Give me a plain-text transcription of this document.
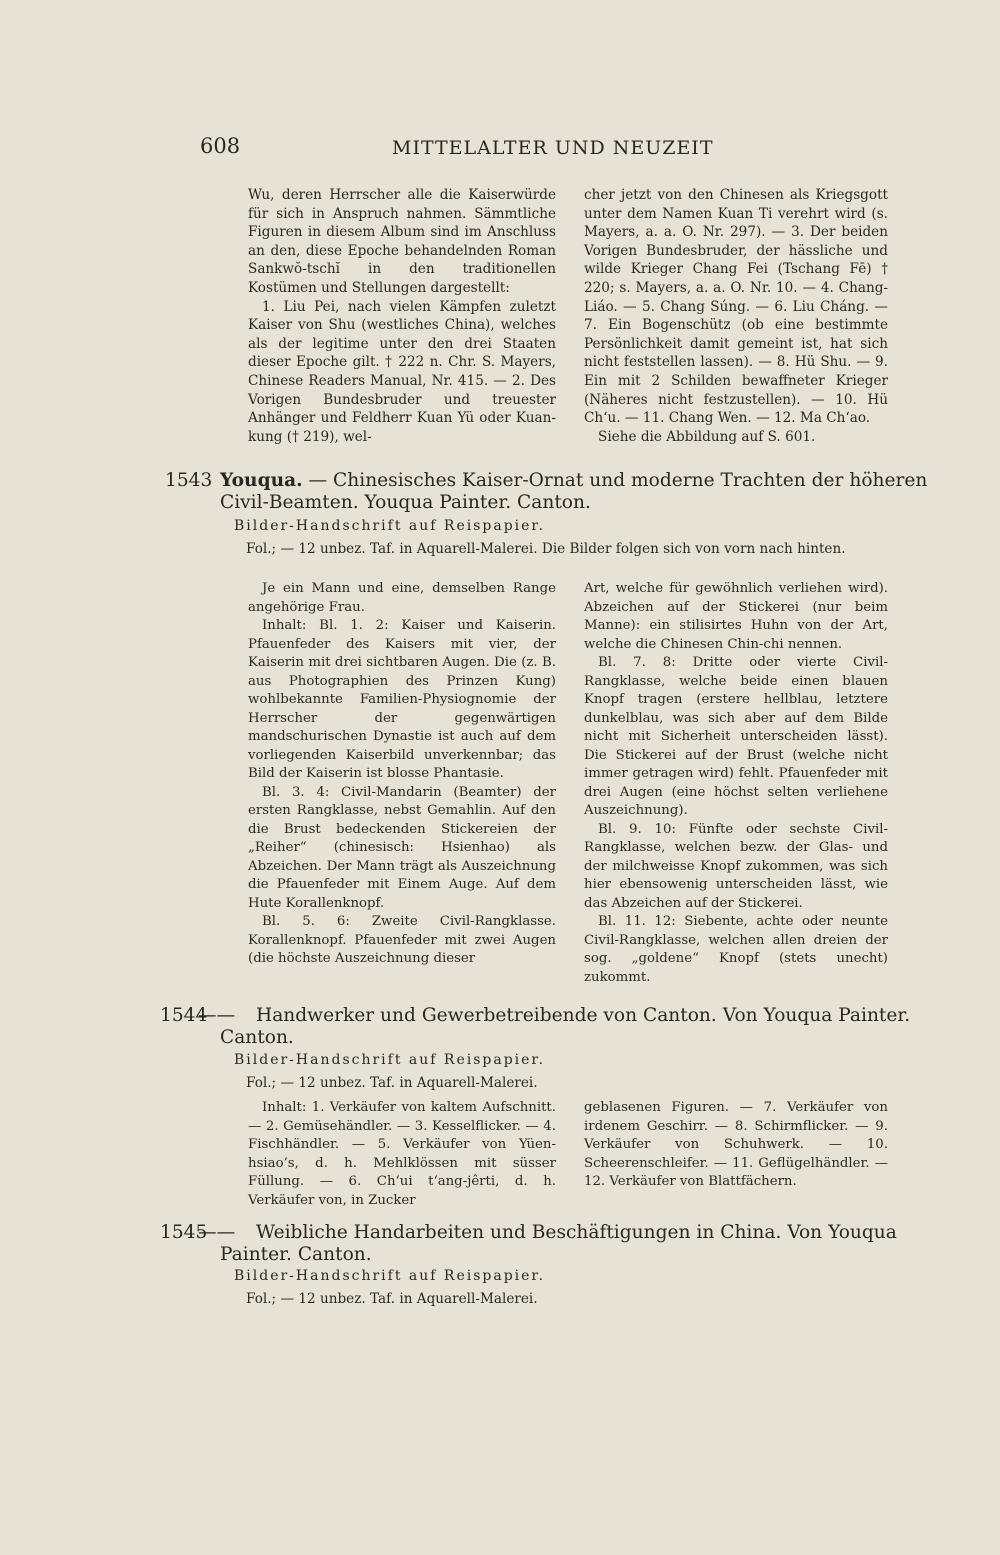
608	MITTELALTER UND NEUZEIT

Wu, deren Herrscher alle die Kaiserwürde für sich in Anspruch nahmen. Sämmtliche Figuren in diesem Album sind im Anschluss an den, diese Epoche behandelnden Roman Sankwŏ-tschĭ in den traditionellen Kostümen und Stellungen dargestellt:

1. Liu Pei, nach vielen Kämpfen zuletzt Kaiser von Shu (westliches China), welches als der legitime unter den drei Staaten dieser Epoche gilt. † 222 n. Chr. S. Mayers, Chinese Readers Manual, Nr. 415. — 2. Des Vorigen Bundesbruder und treuester Anhänger und Feldherr Kuan Yü oder Kuan-kung († 219), wel-

cher jetzt von den Chinesen als Kriegsgott unter dem Namen Kuan Ti verehrt wird (s. Mayers, a. a. O. Nr. 297). — 3. Der beiden Vorigen Bundesbruder, der hässliche und wilde Krieger Chang Fei (Tschang Fē) † 220; s. Mayers, a. a. O. Nr. 10. — 4. Chang-Liáo. — 5. Chang Súng. — 6. Liu Cháng. — 7. Ein Bogenschütz (ob eine bestimmte Persönlichkeit damit gemeint ist, hat sich nicht feststellen lassen). — 8. Hü Shu. — 9. Ein mit 2 Schilden bewaffneter Krieger (Näheres nicht festzustellen). — 10. Hü Ch‘u. — 11. Chang Wen. — 12. Ma Ch‘ao.

Siehe die Abbildung auf S. 601.

1543 Youqua. — Chinesisches Kaiser-Ornat und moderne Trachten der höheren
Civil-Beamten. Youqua Painter. Canton.
Bilder-Handschrift auf Reispapier.

Fol.; — 12 unbez. Taf. in Aquarell-Malerei. Die Bilder folgen sich von vorn nach hinten.

Je ein Mann und eine, demselben Range angehörige Frau.

Inhalt: Bl. 1. 2: Kaiser und Kaiserin. Pfauenfeder des Kaisers mit vier, der Kaiserin mit drei sichtbaren Augen. Die (z. B. aus Photographien des Prinzen Kung) wohlbekannte Familien-Physiognomie der Herrscher der gegenwärtigen mandschurischen Dynastie ist auch auf dem vorliegenden Kaiserbild unverkennbar; das Bild der Kaiserin ist blosse Phantasie.

Bl. 3. 4: Civil-Mandarin (Beamter) der ersten Rangklasse, nebst Gemahlin. Auf den die Brust bedeckenden Stickereien der „Reiher“ (chinesisch: Hsienhao) als Abzeichen. Der Mann trägt als Auszeichnung die Pfauenfeder mit Einem Auge. Auf dem Hute Korallenknopf.

Bl. 5. 6: Zweite Civil-Rangklasse. Korallenknopf. Pfauenfeder mit zwei Augen (die höchste Auszeichnung dieser

Art, welche für gewöhnlich verliehen wird). Abzeichen auf der Stickerei (nur beim Manne): ein stilisirtes Huhn von der Art, welche die Chinesen Chin-chi nennen.

Bl. 7. 8: Dritte oder vierte Civil-Rangklasse, welche beide einen blauen Knopf tragen (erstere hellblau, letztere dunkelblau, was sich aber auf dem Bilde nicht mit Sicherheit unterscheiden lässt). Die Stickerei auf der Brust (welche nicht immer getragen wird) fehlt. Pfauenfeder mit drei Augen (eine höchst selten verliehene Auszeichnung).

Bl. 9. 10: Fünfte oder sechste Civil-Rangklasse, welchen bezw. der Glas- und der milchweisse Knopf zukommen, was sich hier ebensowenig unterscheiden lässt, wie das Abzeichen auf der Stickerei.

Bl. 11. 12: Siebente, achte oder neunte Civil-Rangklasse, welchen allen dreien der sog. „goldene“ Knopf (stets unecht) zukommt.

1544—— Handwerker und Gewerbetreibende von Canton. Von Youqua Painter.
Canton.
Bilder-Handschrift auf Reispapier.

Fol.; — 12 unbez. Taf. in Aquarell-Malerei.

Inhalt: 1. Verkäufer von kaltem Aufschnitt. — 2. Gemüsehändler. — 3. Kesselflicker. — 4. Fischhändler. — 5. Verkäufer von Yüen-hsiao’s, d. h. Mehlklössen mit süsser Füllung. — 6. Ch‘ui t‘ang-jêrti, d. h. Verkäufer von, in Zucker

geblasenen Figuren. — 7. Verkäufer von irdenem Geschirr. — 8. Schirmflicker. — 9. Verkäufer von Schuhwerk. — 10. Scheerenschleifer. — 11. Geflügelhändler. — 12. Verkäufer von Blattfächern.

1545—— Weibliche Handarbeiten und Beschäftigungen in China. Von Youqua
Painter. Canton.
Bilder-Handschrift auf Reispapier.

Fol.; — 12 unbez. Taf. in Aquarell-Malerei.
